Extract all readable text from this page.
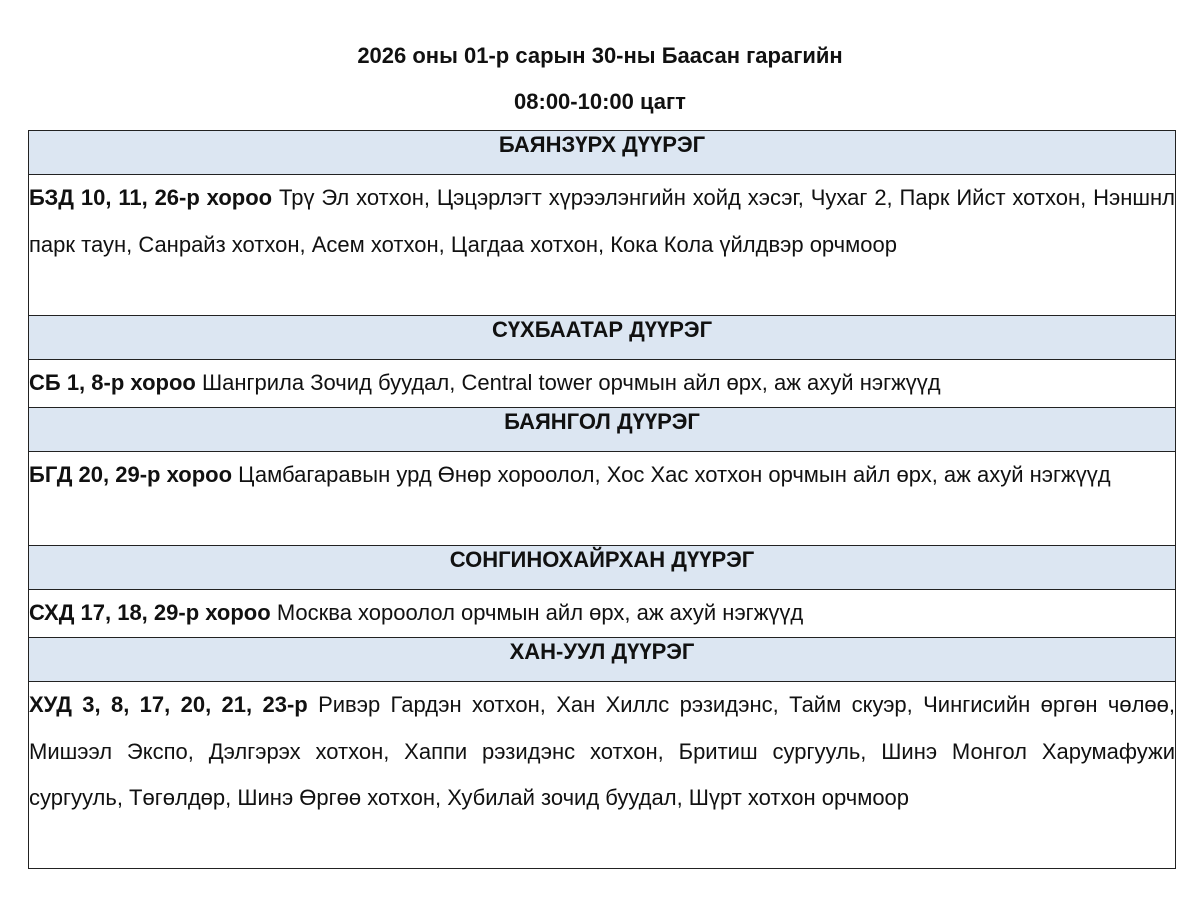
2026 оны 01-р сарын 30-ны Баасан гарагийн
08:00-10:00 цагт
БАЯНЗҮРХ ДҮҮРЭГ
БЗД 10, 11, 26-р хороо Трү Эл хотхон, Цэцэрлэгт хүрээлэнгийн хойд хэсэг, Чухаг 2, Парк Ийст хотхон, Нэншнл парк таун, Санрайз хотхон, Асем хотхон, Цагдаа хотхон, Кока Кола үйлдвэр орчмоор
СҮХБААТАР ДҮҮРЭГ
СБ 1, 8-р хороо Шангрила Зочид буудал, Central tower орчмын айл өрх, аж ахуй нэгжүүд
БАЯНГОЛ ДҮҮРЭГ
БГД 20, 29-р хороо Цамбагаравын урд Өнөр хороолол, Хос Хас хотхон орчмын айл өрх, аж ахуй нэгжүүд
СОНГИНОХАЙРХАН ДҮҮРЭГ
СХД 17, 18, 29-р хороо Москва хороолол орчмын айл өрх, аж ахуй нэгжүүд
ХАН-УУЛ ДҮҮРЭГ
ХУД 3, 8, 17, 20, 21, 23-р Ривэр Гардэн хотхон, Хан Хиллс рэзидэнс, Тайм скуэр, Чингисийн өргөн чөлөө, Мишээл Экспо, Дэлгэрэх хотхон, Хаппи рэзидэнс хотхон, Бритиш сургууль, Шинэ Монгол Харумафужи сургууль, Төгөлдөр, Шинэ Өргөө хотхон, Хубилай зочид буудал, Шүрт хотхон орчмоор
